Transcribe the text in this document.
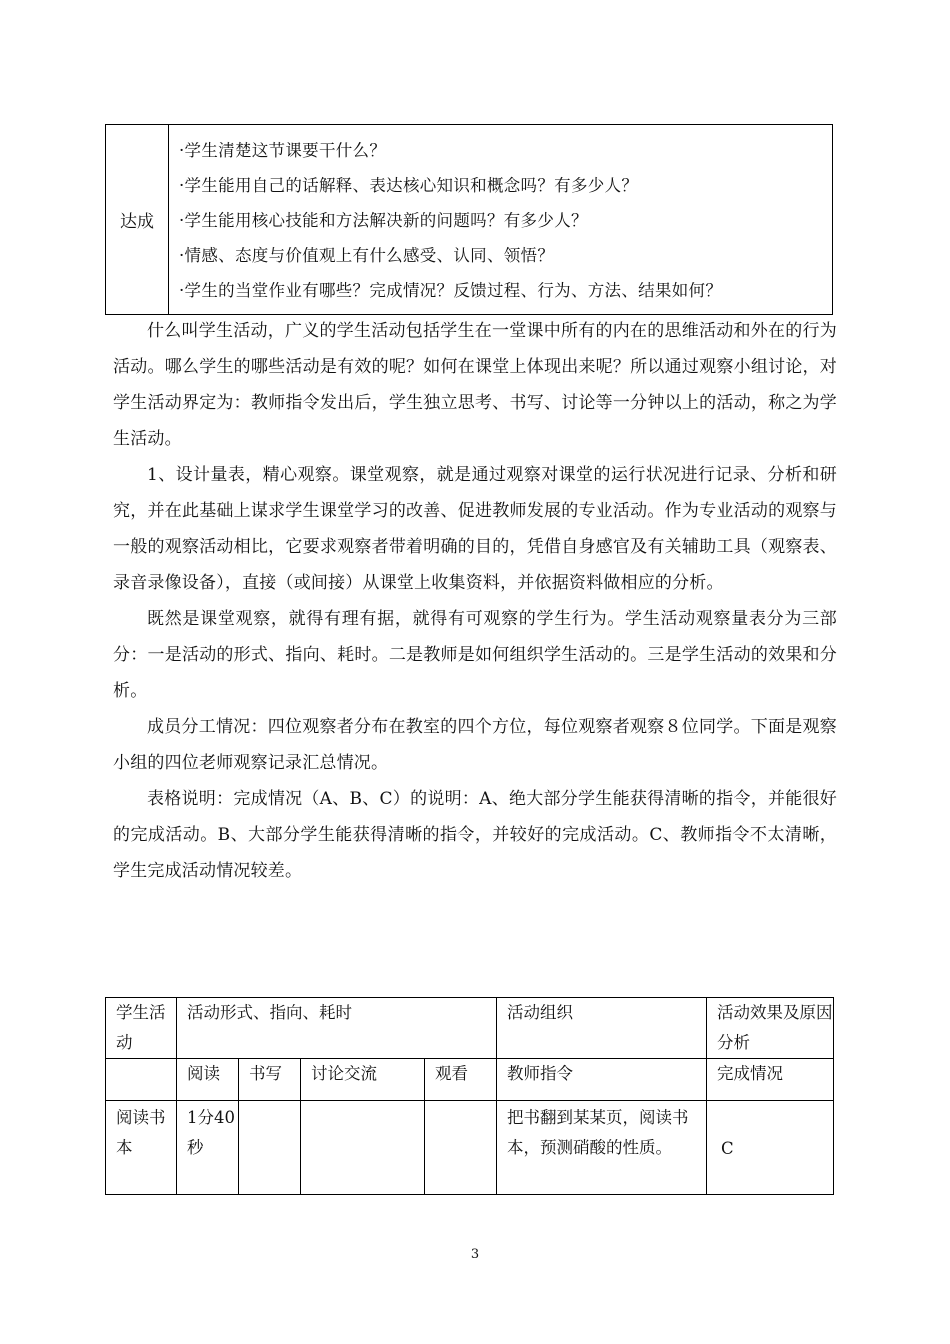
达成
·学生清楚这节课要干什么？
·学生能用自己的话解释、表达核心知识和概念吗？有多少人？
·学生能用核心技能和方法解决新的问题吗？有多少人？
·情感、态度与价值观上有什么感受、认同、领悟？
·学生的当堂作业有哪些？完成情况？反馈过程、行为、方法、结果如何？

什么叫学生活动，广义的学生活动包括学生在一堂课中所有的内在的思维活动和外在的行为活动。哪么学生的哪些活动是有效的呢？如何在课堂上体现出来呢？所以通过观察小组讨论，对学生活动界定为：教师指令发出后，学生独立思考、书写、讨论等一分钟以上的活动，称之为学生活动。

1、设计量表，精心观察。课堂观察，就是通过观察对课堂的运行状况进行记录、分析和研究，并在此基础上谋求学生课堂学习的改善、促进教师发展的专业活动。作为专业活动的观察与一般的观察活动相比，它要求观察者带着明确的目的，凭借自身感官及有关辅助工具（观察表、录音录像设备），直接（或间接）从课堂上收集资料，并依据资料做相应的分析。

既然是课堂观察，就得有理有据，就得有可观察的学生行为。学生活动观察量表分为三部分：一是活动的形式、指向、耗时。二是教师是如何组织学生活动的。三是学生活动的效果和分析。

成员分工情况：四位观察者分布在教室的四个方位，每位观察者观察８位同学。下面是观察小组的四位老师观察记录汇总情况。

表格说明：完成情况（A、B、C）的说明：A、绝大部分学生能获得清晰的指令，并能很好的完成活动。B、大部分学生能获得清晰的指令，并较好的完成活动。C、教师指令不太清晰，学生完成活动情况较差。

学生活动	活动形式、指向、耗时				活动组织	活动效果及原因分析
	阅读	书写	讨论交流	观看	教师指令	完成情况
阅读书本	1分40秒				把书翻到某某页，阅读书本，预测硝酸的性质。	C
3
